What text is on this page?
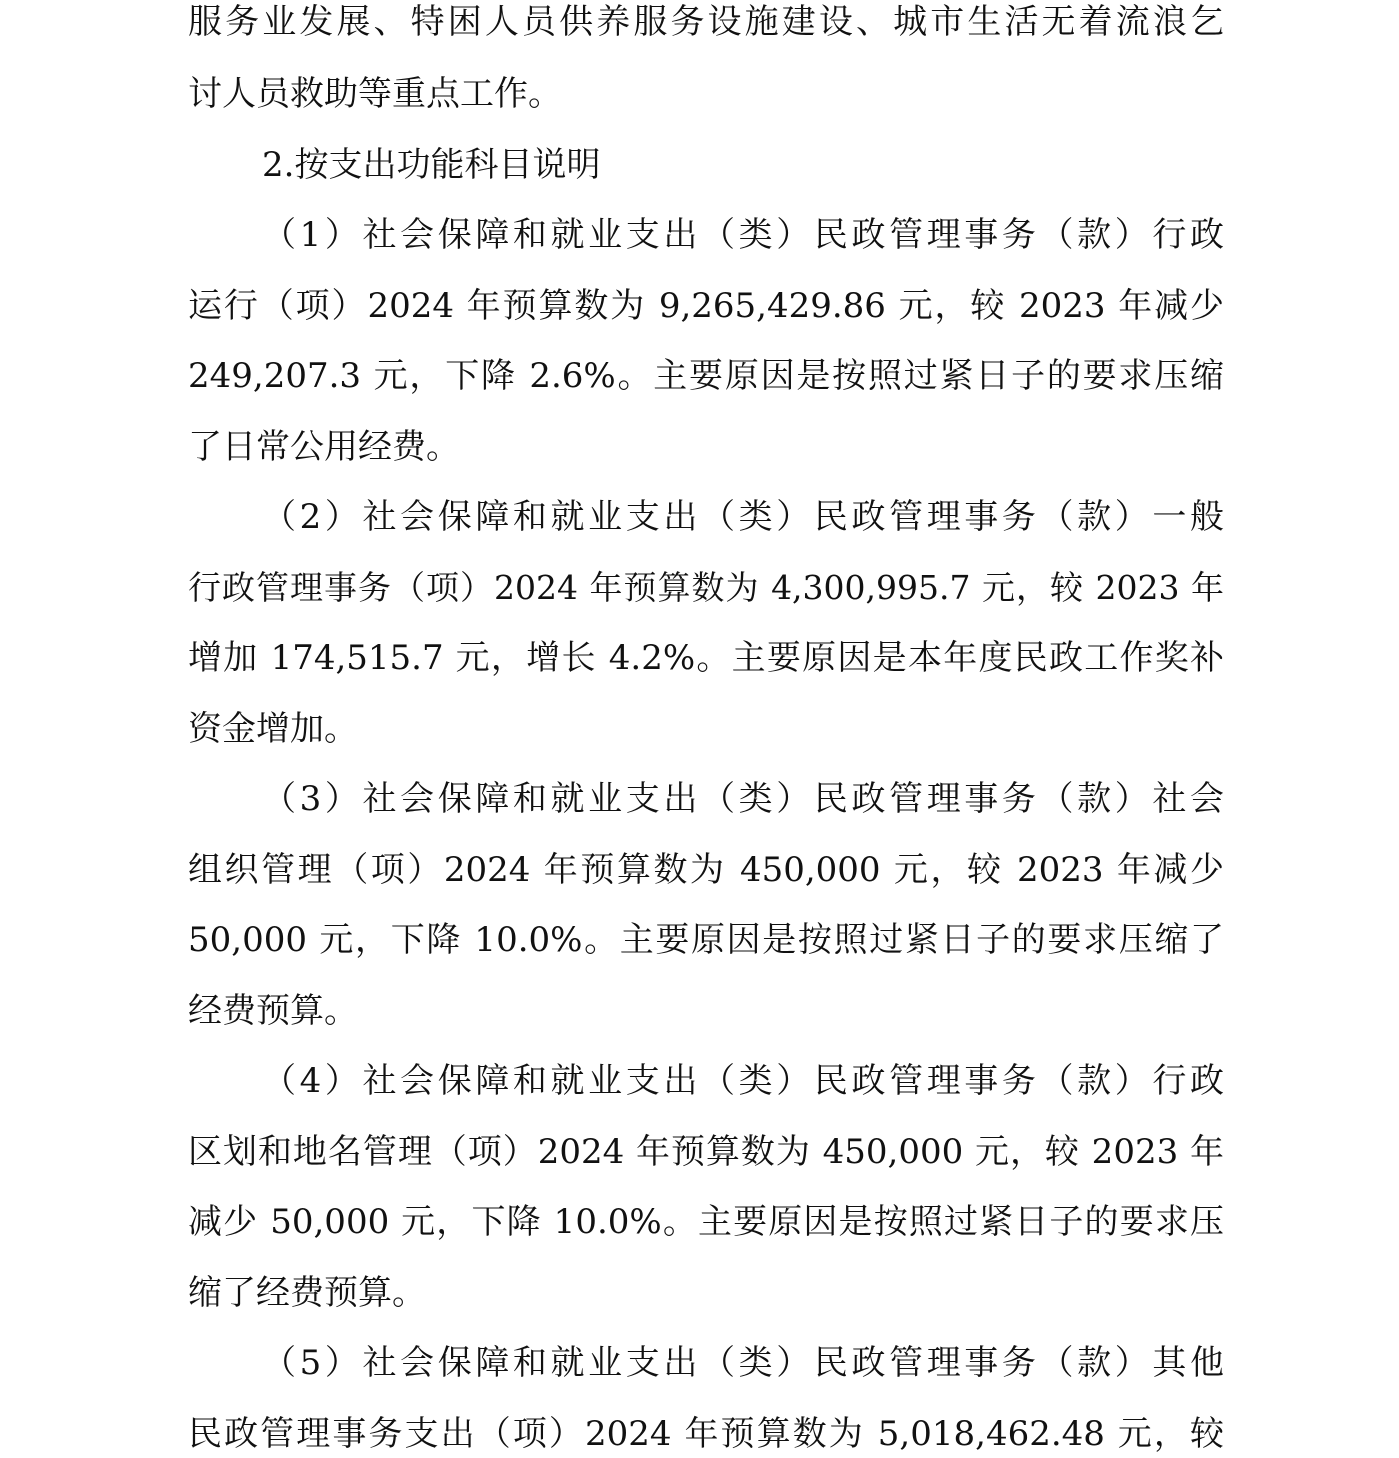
服务业发展、特困人员供养服务设施建设、城市生活无着流浪乞
讨人员救助等重点工作。
2.按支出功能科目说明
（1）社会保障和就业支出（类）民政管理事务（款）行政
运行（项）2024 年预算数为 9,265,429.86 元，较 2023 年减少
249,207.3 元，下降 2.6%。主要原因是按照过紧日子的要求压缩
了日常公用经费。
（2）社会保障和就业支出（类）民政管理事务（款）一般
行政管理事务（项）2024 年预算数为 4,300,995.7 元，较 2023 年
增加 174,515.7 元，增长 4.2%。主要原因是本年度民政工作奖补
资金增加。
（3）社会保障和就业支出（类）民政管理事务（款）社会
组织管理（项）2024 年预算数为 450,000 元，较 2023 年减少
50,000 元，下降 10.0%。主要原因是按照过紧日子的要求压缩了
经费预算。
（4）社会保障和就业支出（类）民政管理事务（款）行政
区划和地名管理（项）2024 年预算数为 450,000 元，较 2023 年
减少 50,000 元，下降 10.0%。主要原因是按照过紧日子的要求压
缩了经费预算。
（5）社会保障和就业支出（类）民政管理事务（款）其他
民政管理事务支出（项）2024 年预算数为 5,018,462.48 元，较
